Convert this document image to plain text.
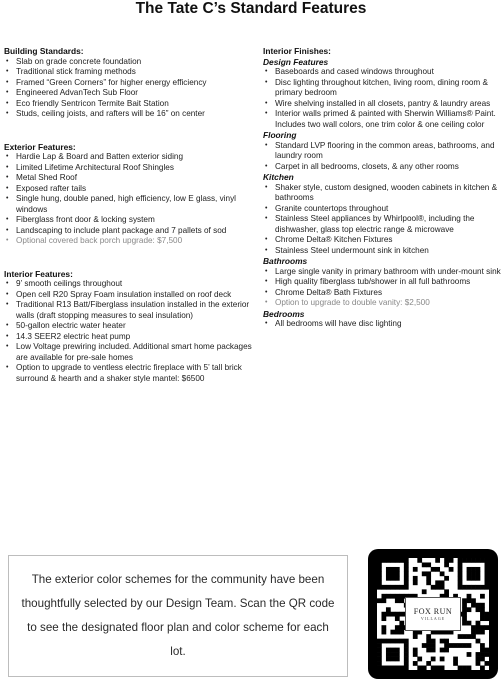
The Tate C’s Standard Features
Building Standards:
• Slab on grade concrete foundation
• Traditional stick framing methods
• Framed “Green Corners” for higher energy efficiency
• Engineered AdvanTech Sub Floor
• Eco friendly Sentricon Termite Bait Station
• Studs, ceiling joists, and rafters will be 16” on center
Exterior Features:
• Hardie Lap & Board and Batten exterior siding
• Limited Lifetime Architectural Roof Shingles
• Metal Shed Roof
• Exposed rafter tails
• Single hung, double paned, high efficiency, low E glass, vinyl windows
• Fiberglass front door & locking system
• Landscaping to include plant package and 7 pallets of sod
• Optional covered back porch upgrade: $7,500
Interior Features:
• 9’ smooth ceilings throughout
• Open cell R20 Spray Foam insulation installed on roof deck
• Traditional R13 Batt/Fiberglass insulation installed in the exterior walls (draft stopping measures to seal insulation)
• 50-gallon electric water heater
• 14.3 SEER2 electric heat pump
• Low Voltage prewiring included. Additional smart home packages are available for pre-sale homes
• Option to upgrade to ventless electric fireplace with 5’ tall brick surround & hearth and a shaker style mantel: $6500
Interior Finishes:
Design Features
• Baseboards and cased windows throughout
• Disc lighting throughout kitchen, living room, dining room & primary bedroom
• Wire shelving installed in all closets, pantry & laundry areas
• Interior walls primed & painted with Sherwin Williams® Paint. Includes two wall colors, one trim color & one ceiling color
Flooring
• Standard LVP flooring in the common areas, bathrooms, and laundry room
• Carpet in all bedrooms, closets, & any other rooms
Kitchen
• Shaker style, custom designed, wooden cabinets in kitchen & bathrooms
• Granite countertops throughout
• Stainless Steel appliances by Whirlpool®, including the dishwasher, glass top electric range & microwave
• Chrome Delta® Kitchen Fixtures
• Stainless Steel undermount sink in kitchen
Bathrooms
• Large single vanity in primary bathroom with under-mount sink
• High quality fiberglass tub/shower in all full bathrooms
• Chrome Delta® Bath Fixtures
• Option to upgrade to double vanity: $2,500
Bedrooms
• All bedrooms will have disc lighting
The exterior color schemes for the community have been thoughtfully selected by our Design Team. Scan the QR code to see the designated floor plan and color scheme for each lot.
FOX RUN
VILLAGE
